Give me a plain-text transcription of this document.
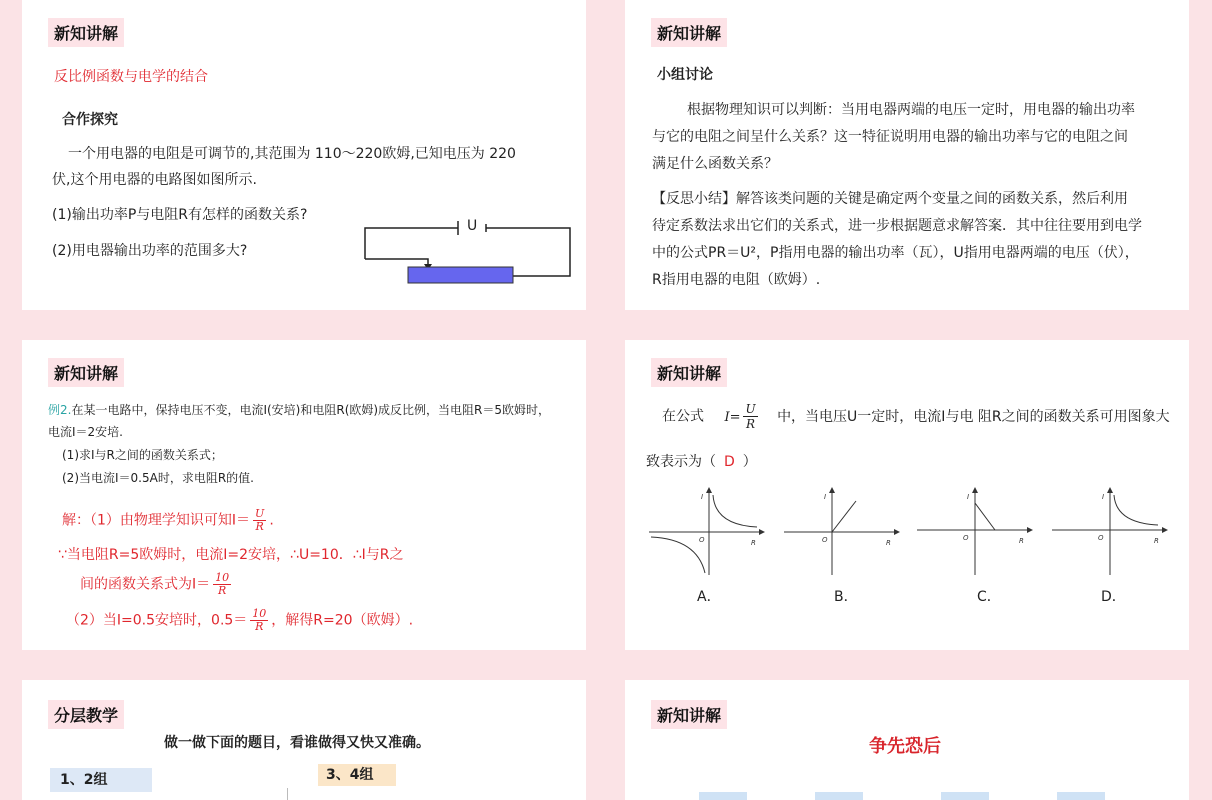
新知讲解
反比例函数与电学的结合
合作探究
一个用电器的电阻是可调节的,其范围为 110～220欧姆,已知电压为 220
伏,这个用电器的电路图如图所示.
(1)输出功率P与电阻R有怎样的函数关系?
(2)用电器输出功率的范围多大?
U
新知讲解
小组讨论
根据物理知识可以判断：当用电器两端的电压一定时，用电器的输出功率
与它的电阻之间呈什么关系？这一特征说明用电器的输出功率与它的电阻之间
满足什么函数关系？
【反思小结】解答该类问题的关键是确定两个变量之间的函数关系，然后利用
待定系数法求出它们的关系式，进一步根据题意求解答案．其中往往要用到电学
中的公式PR＝U²，P指用电器的输出功率（瓦），U指用电器两端的电压（伏），
R指用电器的电阻（欧姆）.
新知讲解
例2.在某一电路中，保持电压不变，电流I(安培)和电阻R(欧姆)成反比例，当电阻R＝5欧姆时，
电流I＝2安培.
(1)求I与R之间的函数关系式；
(2)当电流I＝0.5A时，求电阻R的值.
解：（1）由物理学知识可知$I= \frac{U}{R}$ .
∵当电阻R=5欧姆时，电流I=2安培，∴U=10．∴I与R之
间的函数关系式为$I= \frac{10}{R}$
（2）当I=0.5安培时，$0.5= \frac{10}{R}$ ，解得R=20（欧姆）.
新知讲解
在公式 $I= \frac{U}{R}$ 中，当电压U一定时，电流I与电 阻R之间的函数关系可用图象大
致表示为（ D ）
I
R
O
I
R
O
I
R
O
I
R
O
A．	B．	C．	D．
分层教学
做一做下面的题目，看谁做得又快又准确。
1、2组	3、4组
新知讲解
争先恐后
